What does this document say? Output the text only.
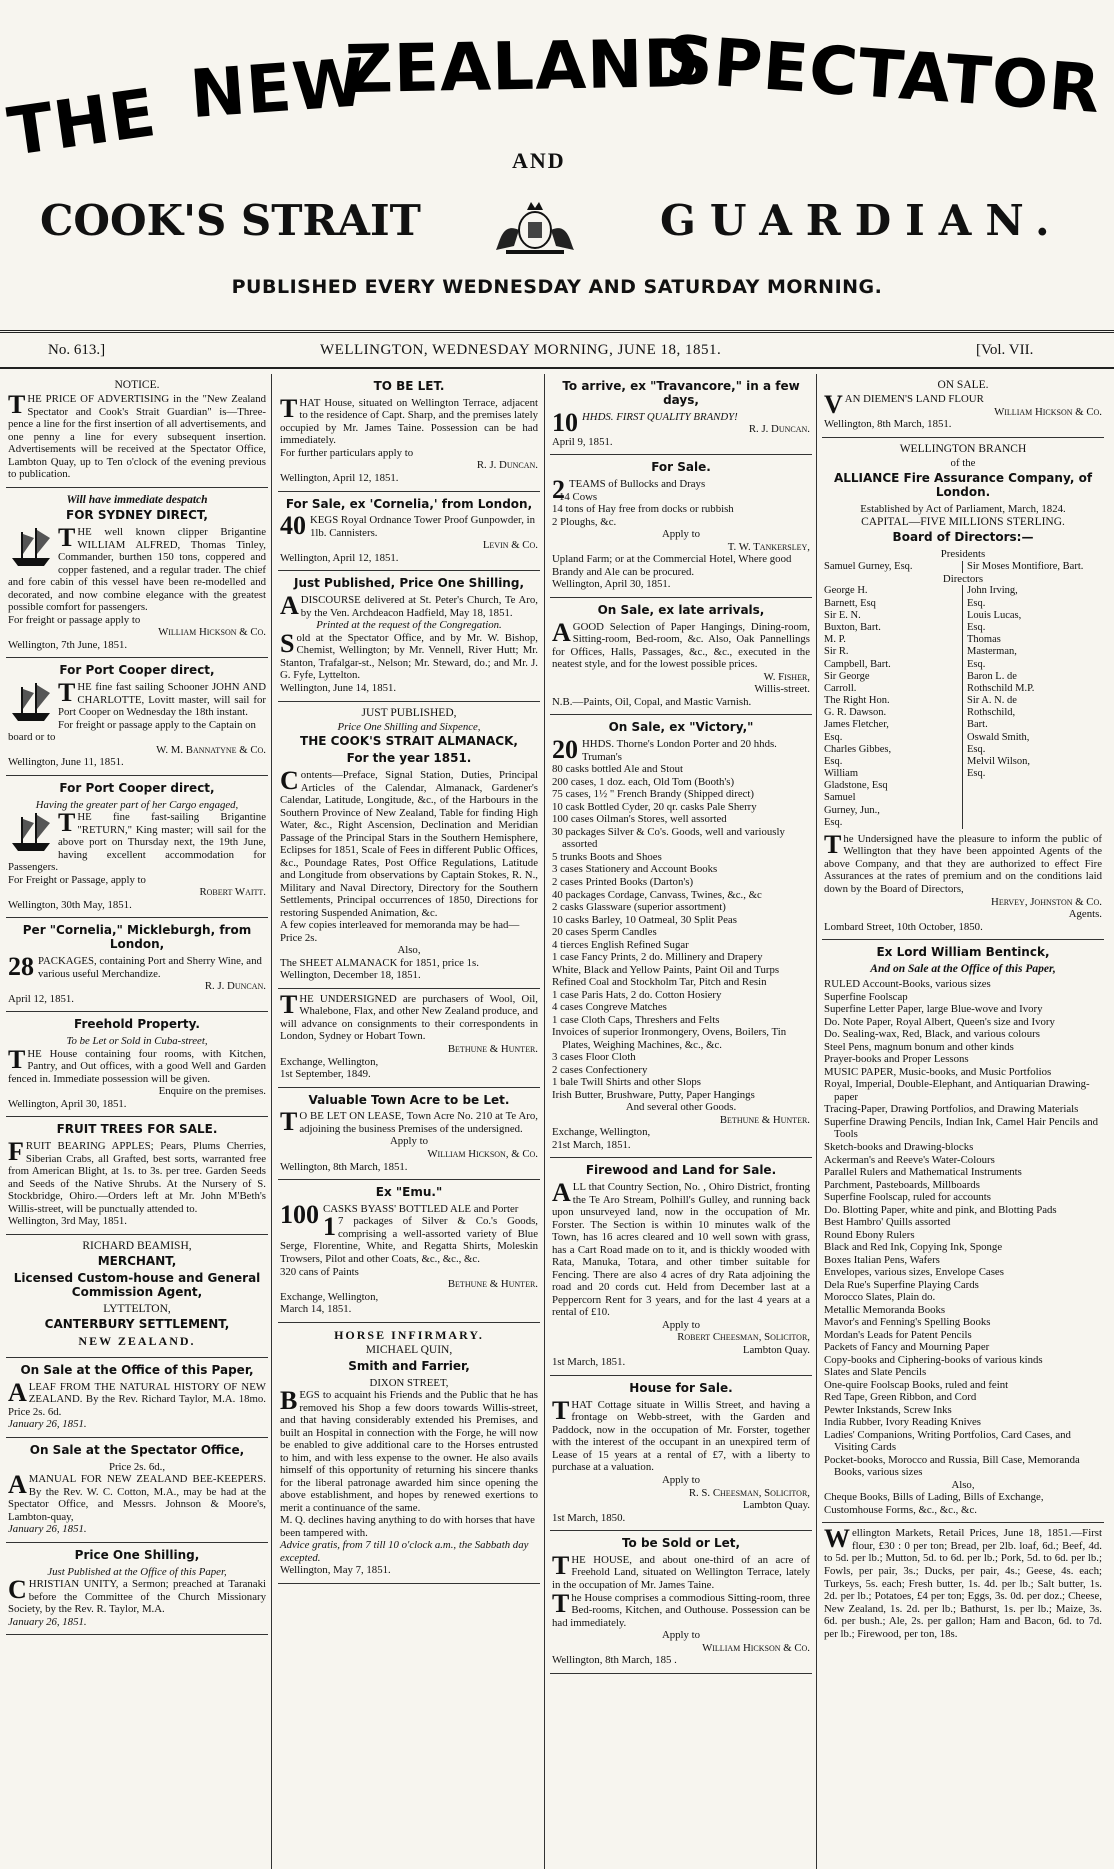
THE NEW
ZEALAND
SPECTATOR
AND
COOK'S STRAIT	GUARDIAN.
PUBLISHED EVERY WEDNESDAY AND SATURDAY MORNING.
No. 613.]	WELLINGTON, WEDNESDAY MORNING, JUNE 18, 1851.	[Vol. VII.
NOTICE.
THE PRICE OF ADVERTISING in the "New Zealand Spectator and Cook's Strait Guardian" is—Three-pence a line for the first insertion of all advertisements, and one penny a line for every subsequent insertion. Advertisements will be received at the Spectator Office, Lambton Quay, up to Ten o'clock of the evening previous to publication.
Will have immediate despatch
FOR SYDNEY DIRECT,
THE well known clipper Brigantine WILLIAM ALFRED, Thomas Tinley, Commander, burthen 150 tons, coppered and copper fastened, and a regular trader. The chief and fore cabin of this vessel have been re-modelled and decorated, and now combine elegance with the greatest possible comfort for passengers.
For freight or passage apply to
William Hickson & Co.
Wellington, 7th June, 1851.
For Port Cooper direct,
THE fine fast sailing Schooner JOHN AND CHARLOTTE, Lovitt master, will sail for Port Cooper on Wednesday the 18th instant.
For freight or passage apply to the Captain on board or to
W. M. Bannatyne & Co.
Wellington, June 11, 1851.
For Port Cooper direct,
Having the greater part of her Cargo engaged,
THE fine fast-sailing Brigantine "RETURN," King master; will sail for the above port on Thursday next, the 19th June, having excellent accommodation for Passengers.
For Freight or Passage, apply to
Robert Waitt.
Wellington, 30th May, 1851.
Per "Cornelia," Mickleburgh, from London,
28 PACKAGES, containing Port and Sherry Wine, and various useful Merchandize.
R. J. Duncan.
April 12, 1851.
Freehold Property.
To be Let or Sold in Cuba-street,
THE House containing four rooms, with Kitchen, Pantry, and Out offices, with a good Well and Garden fenced in. Immediate possession will be given.
Enquire on the premises.
Wellington, April 30, 1851.
FRUIT TREES FOR SALE.
FRUIT BEARING APPLES; Pears, Plums Cherries, Siberian Crabs, all Grafted, best sorts, warranted free from American Blight, at 1s. to 3s. per tree. Garden Seeds and Seeds of the Native Shrubs. At the Nursery of S. Stockbridge, Ohiro.—Orders left at Mr. John M'Beth's Willis-street, will be punctually attended to.
Wellington, 3rd May, 1851.
RICHARD BEAMISH,
MERCHANT,
Licensed Custom-house and General Commission Agent,
LYTTELTON,
CANTERBURY SETTLEMENT,
NEW ZEALAND.
On Sale at the Office of this Paper,
ALEAF FROM THE NATURAL HISTORY OF NEW ZEALAND. By the Rev. Richard Taylor, M.A. 18mo. Price 2s. 6d.
January 26, 1851.
On Sale at the Spectator Office,
Price 2s. 6d.,
AMANUAL FOR NEW ZEALAND BEE-KEEPERS. By the Rev. W. C. Cotton, M.A., may be had at the Spectator Office, and Messrs. Johnson & Moore's, Lambton-quay,
January 26, 1851.
Price One Shilling,
Just Published at the Office of this Paper,
CHRISTIAN UNITY, a Sermon; preached at Taranaki before the Committee of the Church Missionary Society, by the Rev. R. Taylor, M.A.
January 26, 1851.
TO BE LET.
THAT House, situated on Wellington Terrace, adjacent to the residence of Capt. Sharp, and the premises lately occupied by Mr. James Taine. Possession can be had immediately.
For further particulars apply to
R. J. Duncan.
Wellington, April 12, 1851.
For Sale, ex 'Cornelia,' from London,
40 KEGS Royal Ordnance Tower Proof Gunpowder, in 1lb. Cannisters.
Levin & Co.
Wellington, April 12, 1851.
Just Published, Price One Shilling,
ADISCOURSE delivered at St. Peter's Church, Te Aro, by the Ven. Archdeacon Hadfield, May 18, 1851.
Printed at the request of the Congregation.
Sold at the Spectator Office, and by Mr. W. Bishop, Chemist, Wellington; by Mr. Vennell, River Hutt; Mr. Stanton, Trafalgar-st., Nelson; Mr. Steward, do.; and Mr. J. G. Fyfe, Lyttelton.
Wellington, June 14, 1851.
JUST PUBLISHED,
Price One Shilling and Sixpence,
THE COOK'S STRAIT ALMANACK,
For the year 1851.
Contents—Preface, Signal Station, Duties, Principal Articles of the Calendar, Almanack, Gardener's Calendar, Latitude, Longitude, &c., of the Harbours in the Southern Province of New Zealand, Table for finding High Water, &c., Right Ascension, Declination and Meridian Passage of the Principal Stars in the Southern Hemisphere, Eclipses for 1851, Scale of Fees in different Public Offices, &c., Poundage Rates, Post Office Regulations, Latitude and Longitude from observations by Captain Stokes, R. N., Military and Naval Directory, Directory for the Southern Settlements, Principal occurrences of 1850, Directions for restoring Suspended Animation, &c.
A few copies interleaved for memoranda may be had—Price 2s.
Also,
The SHEET ALMANACK for 1851, price 1s.
Wellington, December 18, 1851.
THE UNDERSIGNED are purchasers of Wool, Oil, Whalebone, Flax, and other New Zealand produce, and will advance on consignments to their correspondents in London, Sydney or Hobart Town.
Bethune & Hunter.
Exchange, Wellington,
1st September, 1849.
Valuable Town Acre to be Let.
TO BE LET ON LEASE, Town Acre No. 210 at Te Aro, adjoining the business Premises of the undersigned.
Apply to
William Hickson, & Co.
Wellington, 8th March, 1851.
Ex "Emu."
100 CASKS BYASS' BOTTLED ALE and Porter
17 packages of Silver & Co.'s Goods, comprising a well-assorted variety of Blue Serge, Florentine, White, and Regatta Shirts, Moleskin Trowsers, Pilot and other Coats, &c., &c., &c.
320 cans of Paints
Bethune & Hunter.
Exchange, Wellington,
March 14, 1851.
HORSE INFIRMARY.
MICHAEL QUIN,
Smith and Farrier,
DIXON STREET,
BEGS to acquaint his Friends and the Public that he has removed his Shop a few doors towards Willis-street, and that having considerably extended his Premises, and built an Hospital in connection with the Forge, he will now be enabled to give additional care to the Horses entrusted to him, and with less expense to the owner. He also avails himself of this opportunity of returning his sincere thanks for the liberal patronage awarded him since opening the above establishment, and hopes by renewed exertions to merit a continuance of the same.
M. Q. declines having anything to do with horses that have been tampered with.
Advice gratis, from 7 till 10 o'clock a.m., the Sabbath day excepted.
Wellington, May 7, 1851.
To arrive, ex "Travancore," in a few days,
10 HHDS. FIRST QUALITY BRANDY!
R. J. Duncan.
April 9, 1851.
For Sale.
2 TEAMS of Bullocks and Drays
14 Cows
14 tons of Hay free from docks or rubbish
2 Ploughs, &c.
Apply to
T. W. Tankersley,
Upland Farm; or at the Commercial Hotel, Where good Brandy and Ale can be procured.
Wellington, April 30, 1851.
On Sale, ex late arrivals,
AGOOD Selection of Paper Hangings, Dining-room, Sitting-room, Bed-room, &c. Also, Oak Pannellings for Offices, Halls, Passages, &c., &c., executed in the neatest style, and for the lowest possible prices.
W. Fisher,
Willis-street.
N.B.—Paints, Oil, Copal, and Mastic Varnish.
On Sale, ex "Victory,"
20 HHDS. Thorne's London Porter and 20 hhds. Truman's
80 casks bottled Ale and Stout
200 cases, 1 doz. each, Old Tom (Booth's)
75 cases, 1½ " French Brandy (Shipped direct)
10 cask Bottled Cyder, 20 qr. casks Pale Sherry
100 cases Oilman's Stores, well assorted
30 packages Silver & Co's. Goods, well and variously assorted
5 trunks Boots and Shoes
3 cases Stationery and Account Books
2 cases Printed Books (Darton's)
40 packages Cordage, Canvass, Twines, &c., &c
2 casks Glassware (superior assortment)
10 casks Barley, 10 Oatmeal, 30 Split Peas
20 cases Sperm Candles
4 tierces English Refined Sugar
1 case Fancy Prints, 2 do. Millinery and Drapery
White, Black and Yellow Paints, Paint Oil and Turps
Refined Coal and Stockholm Tar, Pitch and Resin
1 case Paris Hats, 2 do. Cotton Hosiery
4 cases Congreve Matches
1 case Cloth Caps, Threshers and Felts
Invoices of superior Ironmongery, Ovens, Boilers, Tin Plates, Weighing Machines, &c., &c.
3 cases Floor Cloth
2 cases Confectionery
1 bale Twill Shirts and other Slops
Irish Butter, Brushware, Putty, Paper Hangings
And several other Goods.
Bethune & Hunter.
Exchange, Wellington,
21st March, 1851.
Firewood and Land for Sale.
ALL that Country Section, No. , Ohiro District, fronting the Te Aro Stream, Polhill's Gulley, and running back upon unsurveyed land, now in the occupation of Mr. Forster. The Section is within 10 minutes walk of the Town, has 16 acres cleared and 10 well sown with grass, has a Cart Road made on to it, and is thickly wooded with Rata, Manuka, Totara, and other timber suitable for Fencing. There are also 4 acres of dry Rata adjoining the road and 20 cords cut. Held from December last at a Peppercorn Rent for 3 years, and for the last 4 years at a rental of £10.
Apply to
Robert Cheesman, Solicitor,
Lambton Quay.
1st March, 1851.
House for Sale.
THAT Cottage situate in Willis Street, and having a frontage on Webb-street, with the Garden and Paddock, now in the occupation of Mr. Forster, together with the interest of the occupant in an unexpired term of Lease of 15 years at a rental of £7, with a liberty to purchase at a valuation.
Apply to
R. S. Cheesman, Solicitor,
Lambton Quay.
1st March, 1850.
To be Sold or Let,
THE HOUSE, and about one-third of an acre of Freehold Land, situated on Wellington Terrace, lately in the occupation of Mr. James Taine.
The House comprises a commodious Sitting-room, three Bed-rooms, Kitchen, and Outhouse. Possession can be had immediately.
Apply to
William Hickson & Co.
Wellington, 8th March, 185 .
ON SALE.
VAN DIEMEN'S LAND FLOUR
William Hickson & Co.
Wellington, 8th March, 1851.
WELLINGTON BRANCH
of the
ALLIANCE Fire Assurance Company, of London.
Established by Act of Parliament, March, 1824.
CAPITAL—FIVE MILLIONS STERLING.
Board of Directors:—
Presidents
Samuel Gurney, Esq.	Sir Moses Montifiore, Bart.
Directors
George H. Barnett, Esq
Sir E. N. Buxton, Bart. M. P.
Sir R. Campbell, Bart.
Sir George Carroll.
The Right Hon. G. R. Dawson.
James Fletcher, Esq.
Charles Gibbes, Esq.
William Gladstone, Esq
Samuel Gurney, Jun., Esq.
John Irving, Esq.
Louis Lucas, Esq.
Thomas Masterman, Esq.
Baron L. de Rothschild M.P.
Sir A. N. de Rothschild, Bart.
Oswald Smith, Esq.
Melvil Wilson, Esq.
The Undersigned have the pleasure to inform the public of Wellington that they have been appointed Agents of the above Company, and that they are authorized to effect Fire Assurances at the rates of premium and on the conditions laid down by the Board of Directors,
Hervey, Johnston & Co.
Agents.
Lombard Street, 10th October, 1850.
Ex Lord William Bentinck,
And on Sale at the Office of this Paper,
RULED Account-Books, various sizes
Superfine Foolscap
Superfine Letter Paper, large Blue-wove and Ivory
Do. Note Paper, Royal Albert, Queen's size and Ivory
Do. Sealing-wax, Red, Black, and various colours
Steel Pens, magnum bonum and other kinds
Prayer-books and Proper Lessons
MUSIC PAPER, Music-books, and Music Portfolios
Royal, Imperial, Double-Elephant, and Antiquarian Drawing-paper
Tracing-Paper, Drawing Portfolios, and Drawing Materials
Superfine Drawing Pencils, Indian Ink, Camel Hair Pencils and Tools
Sketch-books and Drawing-blocks
Ackerman's and Reeve's Water-Colours
Parallel Rulers and Mathematical Instruments
Parchment, Pasteboards, Millboards
Superfine Foolscap, ruled for accounts
Do. Blotting Paper, white and pink, and Blotting Pads
Best Hambro' Quills assorted
Round Ebony Rulers
Black and Red Ink, Copying Ink, Sponge
Boxes Italian Pens, Wafers
Envelopes, various sizes, Envelope Cases
Dela Rue's Superfine Playing Cards
Morocco Slates, Plain do.
Metallic Memoranda Books
Mavor's and Fenning's Spelling Books
Mordan's Leads for Patent Pencils
Packets of Fancy and Mourning Paper
Copy-books and Ciphering-books of various kinds
Slates and Slate Pencils
One-quire Foolscap Books, ruled and feint
Red Tape, Green Ribbon, and Cord
Pewter Inkstands, Screw Inks
India Rubber, Ivory Reading Knives
Ladies' Companions, Writing Portfolios, Card Cases, and Visiting Cards
Pocket-books, Morocco and Russia, Bill Case, Memoranda Books, various sizes
Also,
Cheque Books, Bills of Lading, Bills of Exchange, Customhouse Forms, &c., &c., &c.
Wellington Markets, Retail Prices, June 18, 1851.—First flour, £30 : 0 per ton; Bread, per 2lb. loaf, 6d.; Beef, 4d. to 5d. per lb.; Mutton, 5d. to 6d. per lb.; Pork, 5d. to 6d. per lb.; Fowls, per pair, 3s.; Ducks, per pair, 4s.; Geese, 4s. each; Turkeys, 5s. each; Fresh butter, 1s. 4d. per lb.; Salt butter, 1s. 2d. per lb.; Potatoes, £4 per ton; Eggs, 3s. 0d. per doz.; Cheese, New Zealand, 1s. 2d. per lb.; Bathurst, 1s. per lb.; Maize, 3s. 6d. per bush.; Ale, 2s. per gallon; Ham and Bacon, 6d. to 7d. per lb.; Firewood, per ton, 18s.
